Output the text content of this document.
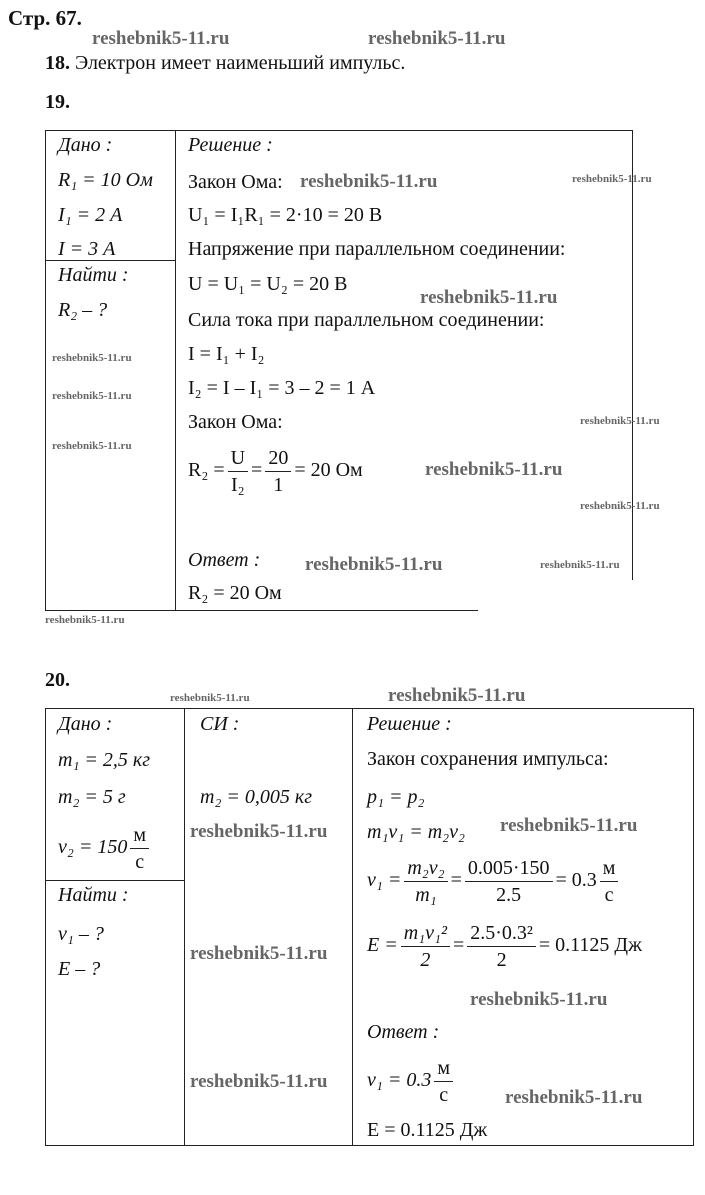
Стр. 67.
18. Электрон имеет наименьший импульс.
19.
Дано :
R₁ = 10 Ом
I₁ = 2 А
I = 3 А
Найти :
R₂ – ?
Решение :
Закон Ома:
U₁ = I₁R₁ = 2·10 = 20 В
Напряжение при параллельном соединении:
U = U₁ = U₂ = 20 В
Сила тока при параллельном соединении:
I = I₁ + I₂
I₂ = I – I₁ = 3 – 2 = 1 А
Закон Ома:
$R_2 = \frac{U}{\text{I₂}} = \frac{20}{1} = 20$ Ом
Ответ :
R₂ = 20 Ом
20.
Дано :
m₁ = 2,5 кг
m₂ = 5 г
$v_2 = 150 \frac{м}{с}$
Найти :
v₁ – ?
E – ?
СИ :
m₂ = 0,005 кг
Решение :
Закон сохранения импульса:
p₁ = p₂
m₁v₁ = m₂v₂
$v_1 = \frac{\text{m₂v₂}}{\text{m₁}} = \frac{0.005\cdot 150}{2.5} = 0.3 \frac{м}{с}$
$E = \frac{\text{m₁v₁²}}{2} = \frac{\text{2.5·0.3²}}{2} = 0.1125$ Дж
Ответ :
$v_1 = 0.3 \frac{м}{с}$
E = 0.1125 Дж
reshebnik5-11.ru	reshebnik5-11.ru
reshebnik5-11.ru	reshebnik5-11.ru
reshebnik5-11.ru
reshebnik5-11.ru
reshebnik5-11.ru
reshebnik5-11.ru
reshebnik5-11.ru
reshebnik5-11.ru
reshebnik5-11.ru
reshebnik5-11.ru
reshebnik5-11.ru
reshebnik5-11.ru
reshebnik5-11.ru	reshebnik5-11.ru
reshebnik5-11.ru	reshebnik5-11.ru
reshebnik5-11.ru
reshebnik5-11.ru
reshebnik5-11.ru
reshebnik5-11.ru
